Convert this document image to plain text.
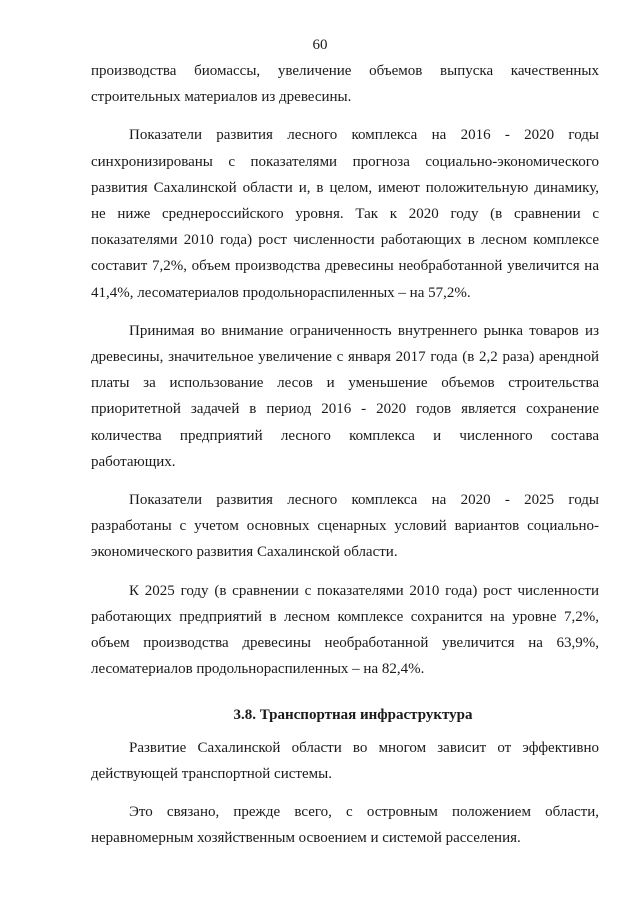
60

производства биомассы, увеличение объемов выпуска качественных строительных материалов из древесины.

Показатели развития лесного комплекса на 2016 - 2020 годы синхронизированы с показателями прогноза социально-экономического развития Сахалинской области и, в целом, имеют положительную динамику, не ниже среднероссийского уровня. Так к 2020 году (в сравнении с показателями 2010 года) рост численности работающих в лесном комплексе составит 7,2%, объем производства древесины необработанной увеличится на 41,4%, лесоматериалов продольнораспиленных – на 57,2%.

Принимая во внимание ограниченность внутреннего рынка товаров из древесины, значительное увеличение с января 2017 года (в 2,2 раза) арендной платы за использование лесов и уменьшение объемов строительства приоритетной задачей в период 2016 - 2020 годов является сохранение количества предприятий лесного комплекса и численного состава работающих.

Показатели развития лесного комплекса на 2020 - 2025 годы разработаны с учетом основных сценарных условий вариантов социально-экономического развития Сахалинской области.

К 2025 году (в сравнении с показателями 2010 года) рост численности работающих предприятий в лесном комплексе сохранится на уровне 7,2%, объем производства древесины необработанной увеличится на 63,9%, лесоматериалов продольнораспиленных – на 82,4%.

3.8. Транспортная инфраструктура

Развитие Сахалинской области во многом зависит от эффективно действующей транспортной системы.

Это связано, прежде всего, с островным положением области, неравномерным хозяйственным освоением и системой расселения.
